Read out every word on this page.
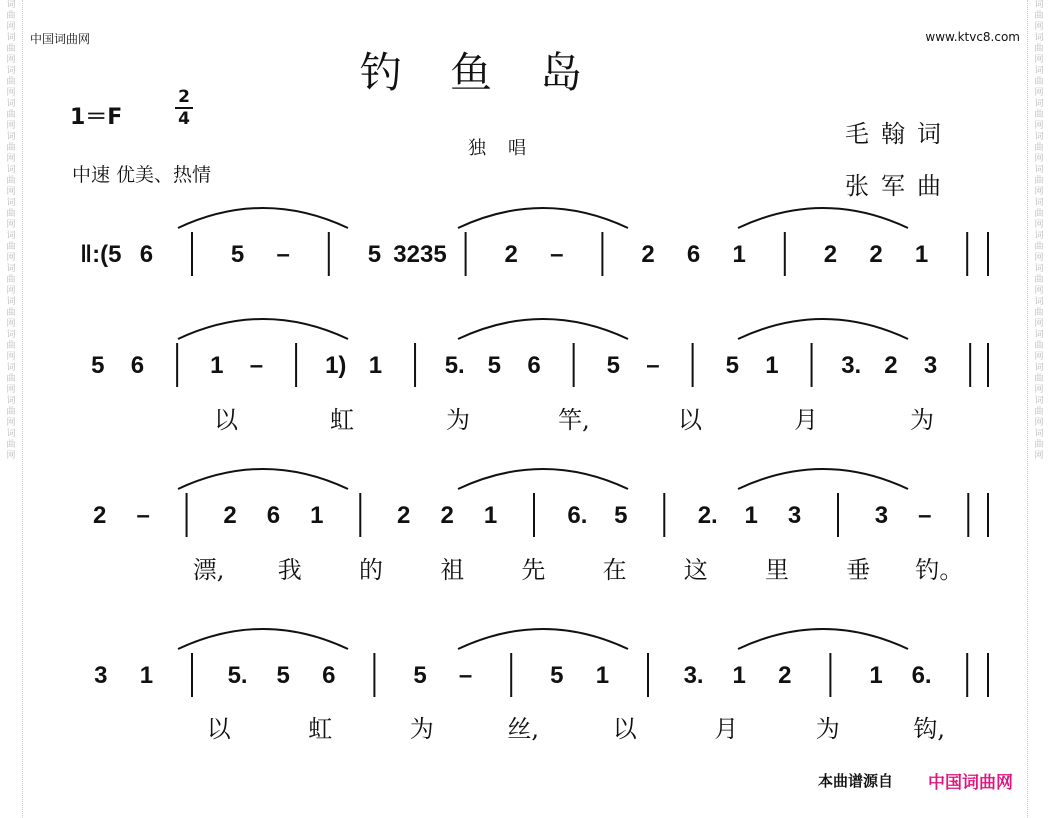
词曲网
词曲网
词曲网
词曲网
词曲网
词曲网
词曲网
词曲网
词曲网
词曲网
词曲网
词曲网
词曲网
词曲网
词曲网
词曲网
词曲网
词曲网
词曲网
词曲网
词曲网
词曲网
词曲网
词曲网
词曲网
词曲网
词曲网
词曲网
中国词曲网	www.ktvc8.com
钓鱼岛
1＝F
2
4
独唱
中速 优美、热情
毛翰词
张军曲
‖:(5 6	5 –	5 3235 2 –	2 6 1	2 2 1
5 6	1 –	1) 1	5. 5 6	5 –	5 1	3. 2 3
以	虹	为	竿,	以	月	为
2 –	2 6 1	2 2 1	6. 5	2. 1 3	3 –
漂, 我 的 祖 先 在 这 里 垂 钓。
3 1	5. 5 6	5 –	5 1	3. 1 2	1 6.
以	虹	为	丝,	以	月	为	钩,
本曲谱源自 中国词曲网
